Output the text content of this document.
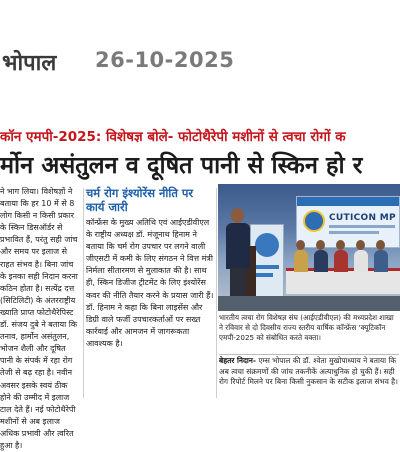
भोपाल 26-10-2025
कॉन एमपी-2025: विशेषज्ञ बोले- फोटोथैरेपी मशीनों से त्वचा रोगों क
र्मोन असंतुलन व दूषित पानी से स्किन हो र

ने भाग लिया। विशेषज्ञों ने बताया कि हर 10 में से 8 लोग किसी न किसी प्रकार के स्किन डिसऑर्डर से प्रभावित हैं, परंतु सही जांच और समय पर इलाज से राहत संभव है। बिना जांच के इनका सही निदान करना कठिन होता है। सत्येंद्र दत्त (सिटिलिटी) के अंतरराष्ट्रीय ख्याति प्राप्त फोटोथैरेपिस्ट डॉ. संजय दुबे ने बताया कि तनाव, हार्मोन असंतुलन, भोजन शैली और दूषित पानी के संपर्क में रहा रोग तेजी से बढ़ रहा है। नवीन अवसर इसके स्वयं ठीक होने की उम्मीद में इलाज टाल देते हैं। नई फोटोथैरेपी मशीनों से अब इलाज अधिक प्रभावी और त्वरित हुआ है।

चर्म रोग इंश्योरेंस नीति पर कार्य जारी

कॉन्फ्रेंस के मुख्य अतिथि एवं आईएडीवीएल के राष्ट्रीय अध्यक्ष डॉ. मंजूनाथ हिनाम ने बताया कि चर्म रोग उपचार पर लगने वाली जीएसटी में कमी के लिए संगठन ने वित्त मंत्री निर्मला सीतारमण से मुलाकात की है। साथ ही, स्किन डिजीज ट्रीटमेंट के लिए इंश्योरेंस कवर की नीति तैयार करने के प्रयास जारी हैं। डॉ. हिनाम ने कहा कि बिना लाइसेंस और डिग्री वाले फर्जी उपचारकर्ताओं पर सख्त कार्रवाई और आमजन में जागरूकता आवश्यक है।

CUTICON MP
भारतीय त्वचा रोग विशेषज्ञ संघ (आईएडीवीएल) की मध्यप्रदेश शाखा ने रविवार से दो दिवसीय राज्य स्तरीय वार्षिक कॉन्फ्रेंस 'क्यूटिकॉन एमपी-2025 को संबोधित करते वक्ता।
बेहतर निदान- एम्स भोपाल की डॉ. श्वेता मुखोपाध्याय ने बताया कि अब त्वचा संक्रमणों की जांच तकनीकें अत्याधुनिक हो चुकी हैं। सही रोग रिपोर्ट मिलने पर बिना किसी नुकसान के सटीक इलाज संभव है।
